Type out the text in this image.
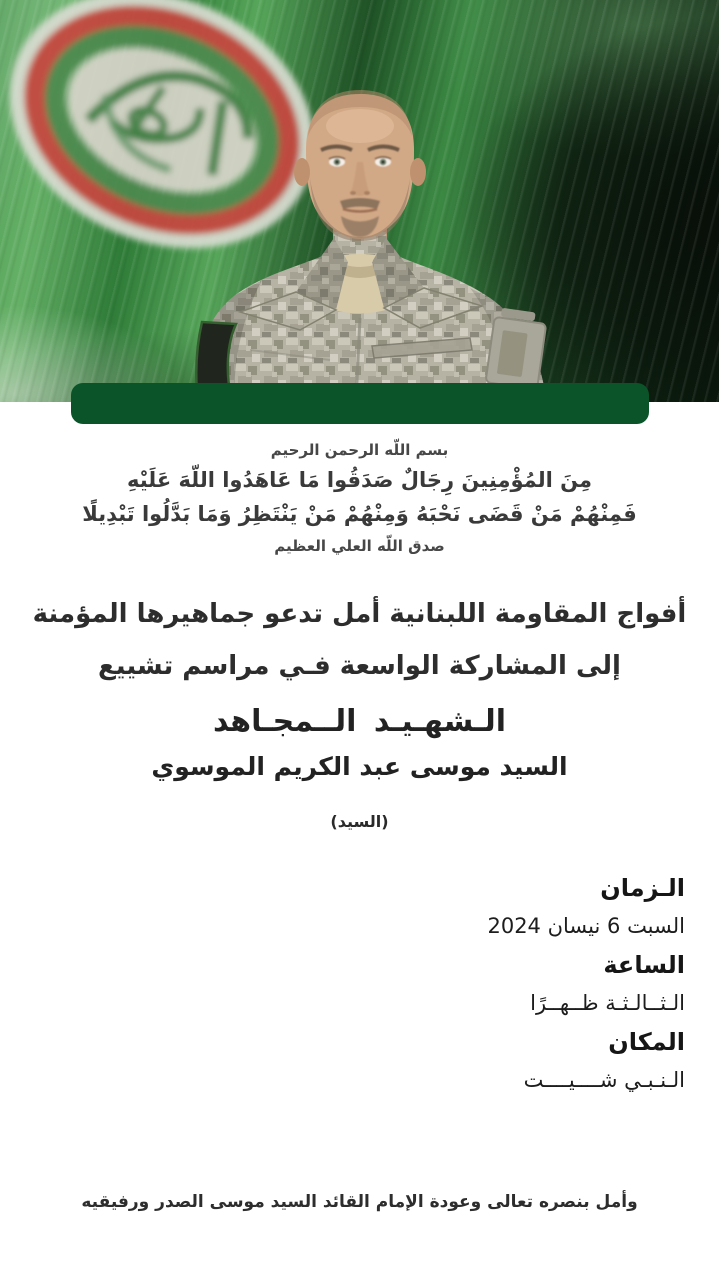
بسم اللّه الرحمن الرحيم
مِنَ المُؤْمِنِينَ رِجَالٌ صَدَقُوا مَا عَاهَدُوا اللّهَ عَلَيْهِ
فَمِنْهُمْ مَنْ قَضَى نَحْبَهُ وَمِنْهُمْ مَنْ يَنْتَظِرُ وَمَا بَدَّلُوا تَبْدِيلًا
صدق اللّه العلي العظيم
أفواج المقاومة اللبنانية أمل تدعو جماهيرها المؤمنة
إلى المشاركة الواسعة فـي مراسم تشييع
الـشهـيـد الــمجـاهد
السيد موسى عبد الكريم الموسوي
(السيد)
الـزمان
السبت 6 نيسان 2024
الساعة
الـثــالـثـة ظــهــرًا
المكان
الـنـبـي شــــيــــت
وأمل بنصره تعالى وعودة الإمام القائد السيد موسى الصدر ورفيقيه
